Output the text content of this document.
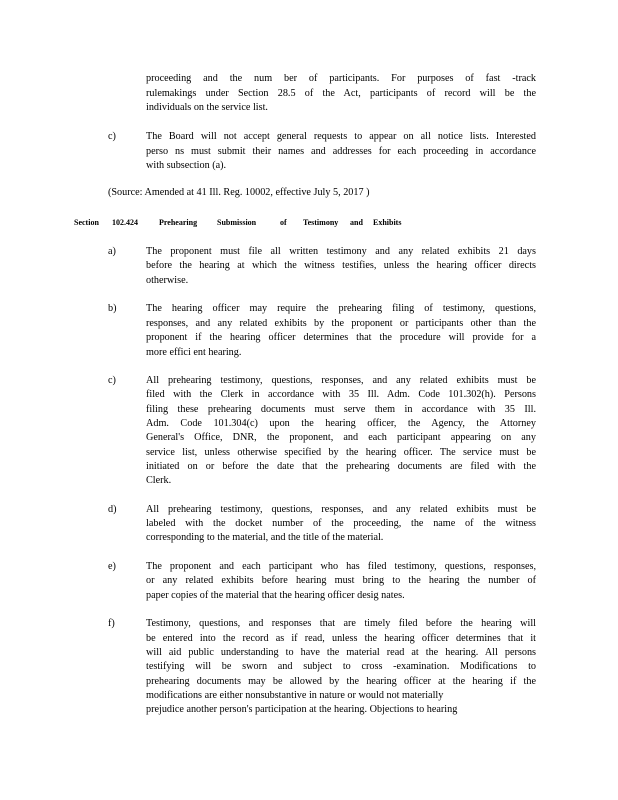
proceeding and the num ber of participants. For purposes of fast -track
rulemakings under Section 28.5 of the Act, participants of record will be the
individuals on the service list.
c)	The Board will not accept general requests to appear on all notice lists. Interested
perso ns must submit their names and addresses for each proceeding in accordance
with subsection (a).
(Source: Amended at 41 Ill. Reg. 10002, effective July 5, 2017 )
Section 102.424	Prehearing Submission	of Testimony and Exhibits
a)	The proponent must file all written testimony and any related exhibits 21 days
before the hearing at which the witness testifies, unless the hearing officer directs
otherwise.
b)	The hearing officer may require the prehearing filing of testimony, questions,
responses, and any related exhibits by the proponent or participants other than the
proponent if the hearing officer determines that the procedure will provide for a
more effici ent hearing.
c)	All prehearing testimony, questions, responses, and any related exhibits must be
filed with the Clerk in accordance with 35 Ill. Adm. Code 101.302(h). Persons
filing these prehearing documents must serve them in accordance with 35 Ill.
Adm. Code 101.304(c) upon the hearing officer, the Agency, the Attorney
General's Office, DNR, the proponent, and each participant appearing on any
service list, unless otherwise specified by the hearing officer. The service must be
initiated on or before the date that the prehearing documents are filed with the
Clerk.
d)	All prehearing testimony, questions, responses, and any related exhibits must be
labeled with the docket number of the proceeding, the name of the witness
corresponding to the material, and the title of the material.
e)	The proponent and each participant who has filed testimony, questions, responses,
or any related exhibits before hearing must bring to the hearing the number of
paper copies of the material that the hearing officer desig nates.
f)	Testimony, questions, and responses that are timely filed before the hearing will
be entered into the record as if read, unless the hearing officer determines that it
will aid public understanding to have the material read at the hearing. All persons
testifying will be sworn and subject to cross -examination. Modifications to
prehearing documents may be allowed by the hearing officer at the hearing if the
modifications are either nonsubstantive in nature or would not materially
prejudice another person's participation at the hearing. Objections to hearing
